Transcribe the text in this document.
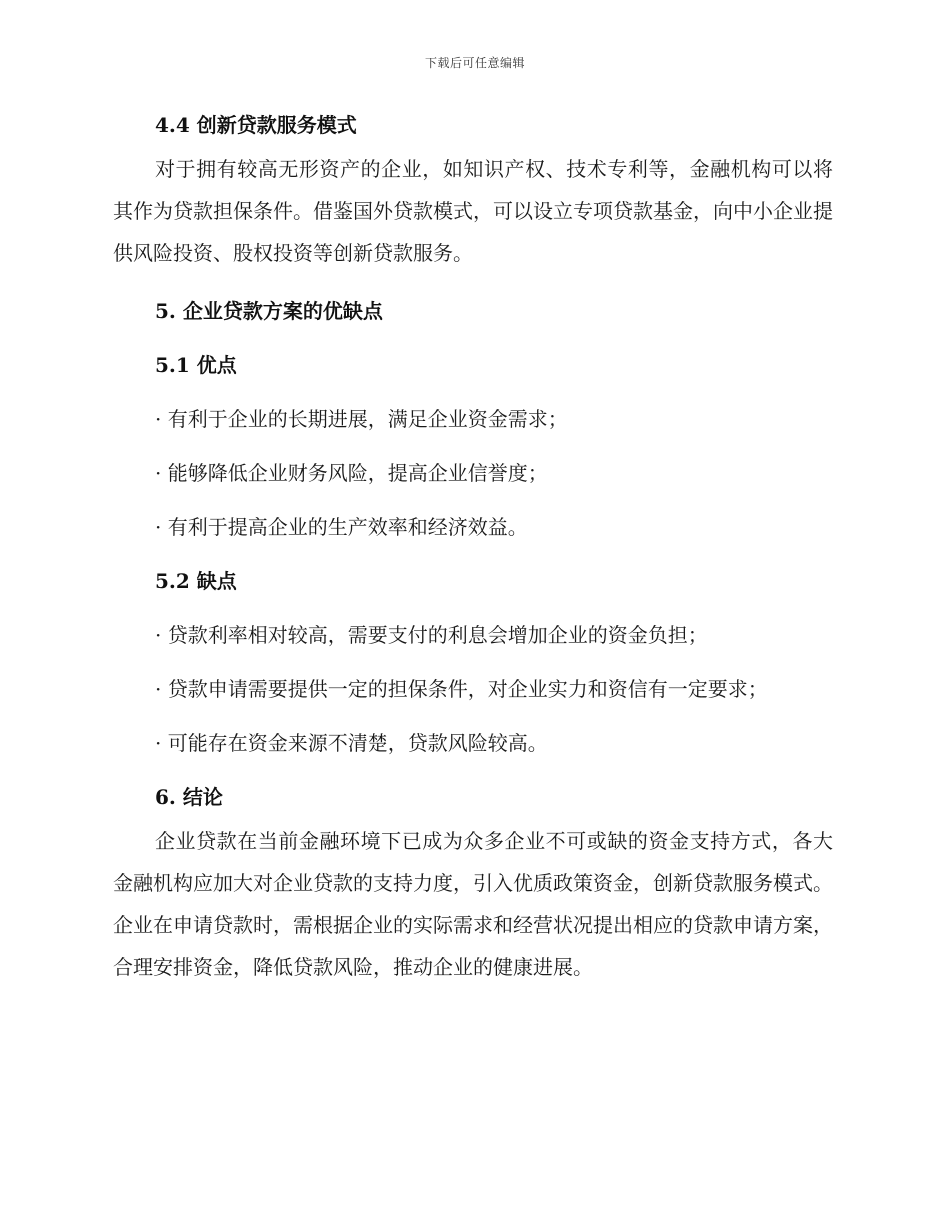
下载后可任意编辑
4.4 创新贷款服务模式

对于拥有较高无形资产的企业，如知识产权、技术专利等，金融机构可以将其作为贷款担保条件。借鉴国外贷款模式，可以设立专项贷款基金，向中小企业提供风险投资、股权投资等创新贷款服务。

5. 企业贷款方案的优缺点
5.1 优点

· 有利于企业的长期进展，满足企业资金需求；

· 能够降低企业财务风险，提高企业信誉度；

· 有利于提高企业的生产效率和经济效益。

5.2 缺点

· 贷款利率相对较高，需要支付的利息会增加企业的资金负担；

· 贷款申请需要提供一定的担保条件，对企业实力和资信有一定要求；

· 可能存在资金来源不清楚，贷款风险较高。

6. 结论

企业贷款在当前金融环境下已成为众多企业不可或缺的资金支持方式，各大金融机构应加大对企业贷款的支持力度，引入优质政策资金，创新贷款服务模式。企业在申请贷款时，需根据企业的实际需求和经营状况提出相应的贷款申请方案，合理安排资金，降低贷款风险，推动企业的健康进展。
